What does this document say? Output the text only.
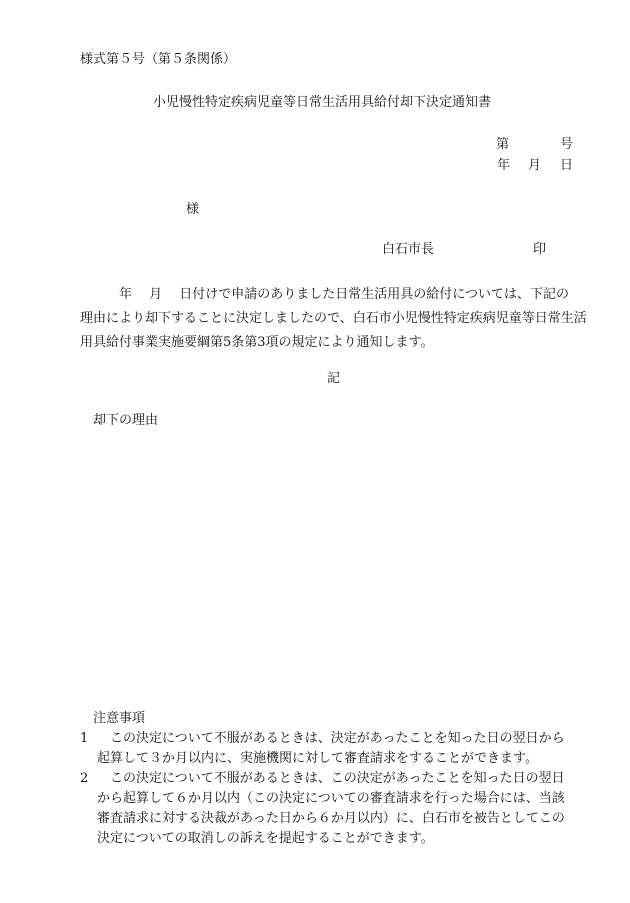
様式第５号（第５条関係）
小児慢性特定疾病児童等日常生活用具給付却下決定通知書
第	号
年 月 日
様
白石市長	印
　　　年　 月　 日付けで申請のありました日常生活用具の給付については、下記の
理由により却下することに決定しましたので、白石市小児慢性特定疾病児童等日常生活
用具給付事業実施要綱第5条第3項の規定により通知します。
記
却下の理由
注意事項
1 　この決定について不服があるときは、決定があったことを知った日の翌日から
起算して３か月以内に、実施機関に対して審査請求をすることができます。
2 　この決定について不服があるときは、この決定があったことを知った日の翌日
から起算して６か月以内（この決定についての審査請求を行った場合には、当該
審査請求に対する決裁があった日から６か月以内）に、白石市を被告としてこの
決定についての取消しの訴えを提起することができます。
